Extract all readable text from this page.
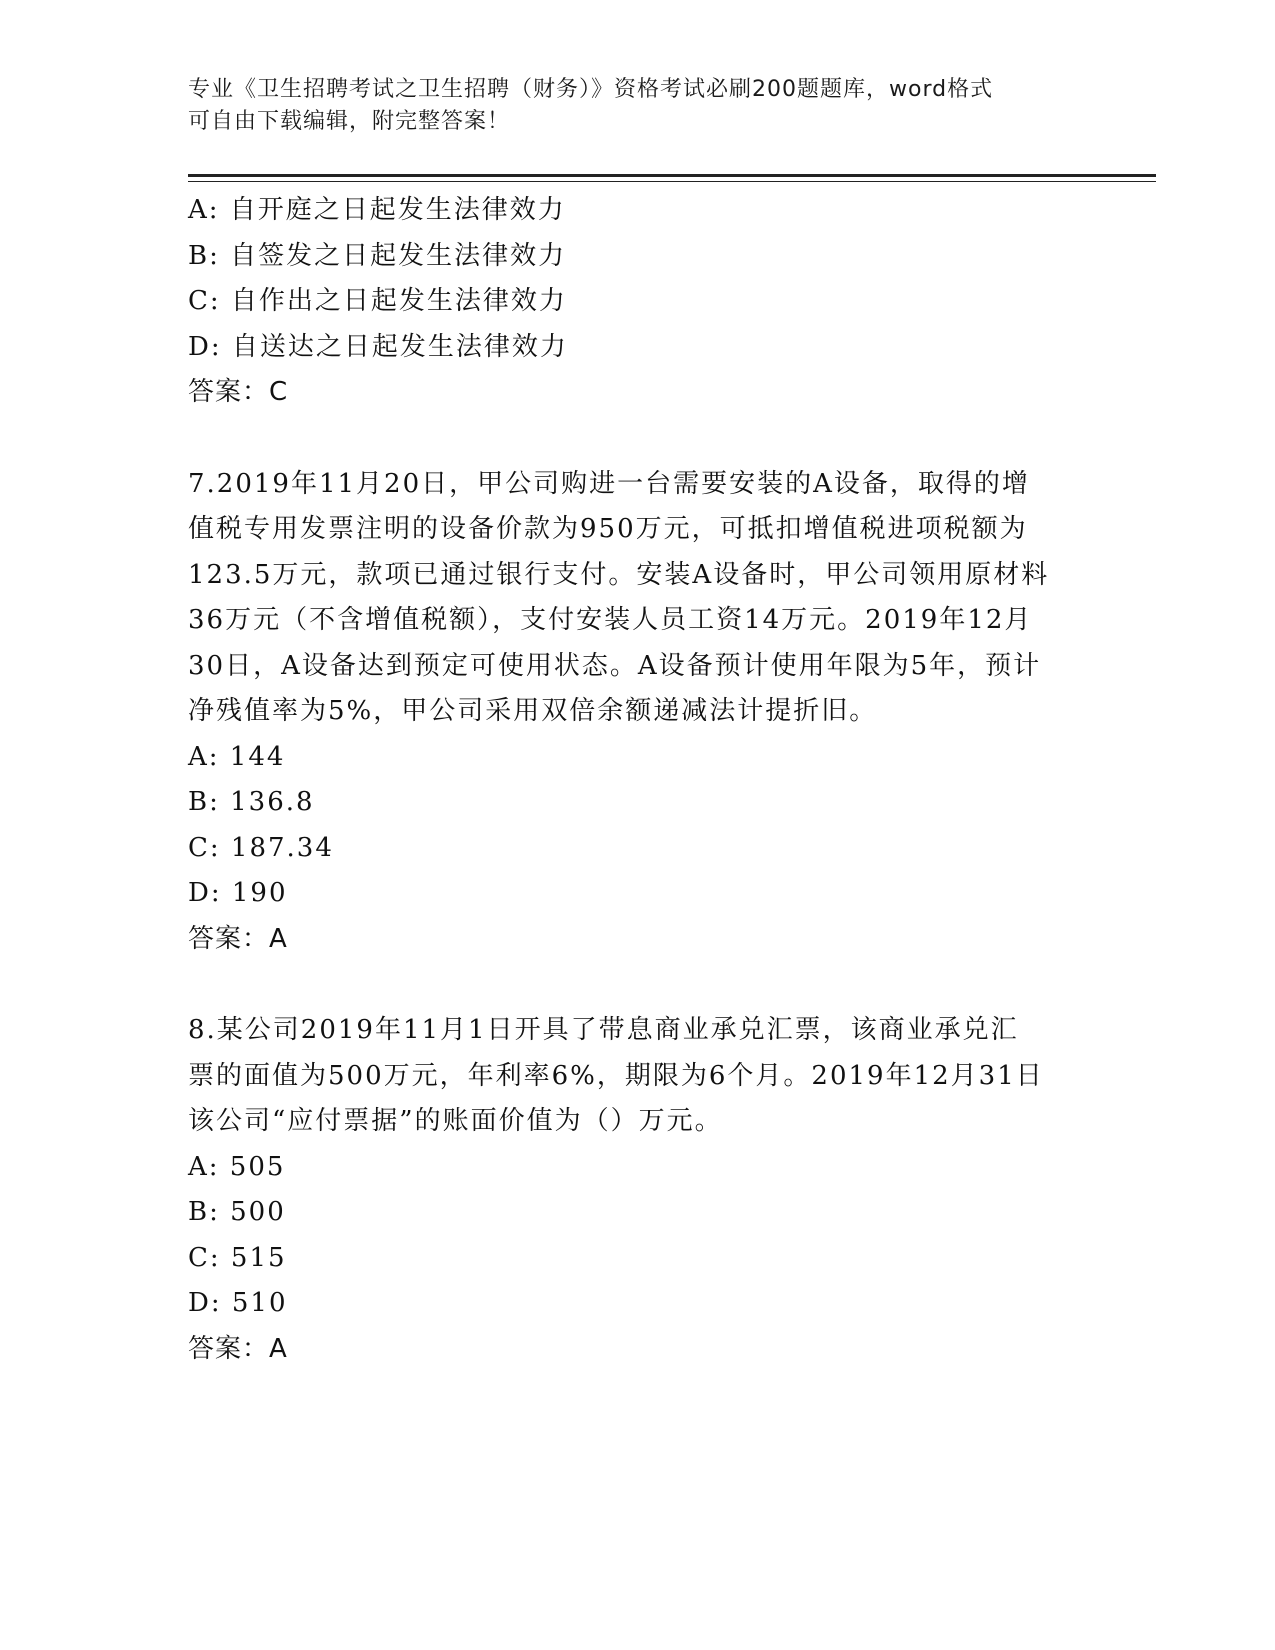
专业《卫生招聘考试之卫生招聘（财务）》资格考试必刷200题题库，word格式
可自由下载编辑，附完整答案！
A: 自开庭之日起发生法律效力
B: 自签发之日起发生法律效力
C: 自作出之日起发生法律效力
D: 自送达之日起发生法律效力
答案：C
7.2019年11月20日，甲公司购进一台需要安装的A设备，取得的增
值税专用发票注明的设备价款为950万元，可抵扣增值税进项税额为
123.5万元，款项已通过银行支付。安装A设备时，甲公司领用原材料
36万元（不含增值税额），支付安装人员工资14万元。2019年12月
30日，A设备达到预定可使用状态。A设备预计使用年限为5年，预计
净残值率为5%，甲公司采用双倍余额递减法计提折旧。
A: 144
B: 136.8
C: 187.34
D: 190
答案：A
8.某公司2019年11月1日开具了带息商业承兑汇票，该商业承兑汇
票的面值为500万元，年利率6%，期限为6个月。2019年12月31日
该公司“应付票据”的账面价值为（）万元。
A: 505
B: 500
C: 515
D: 510
答案：A
